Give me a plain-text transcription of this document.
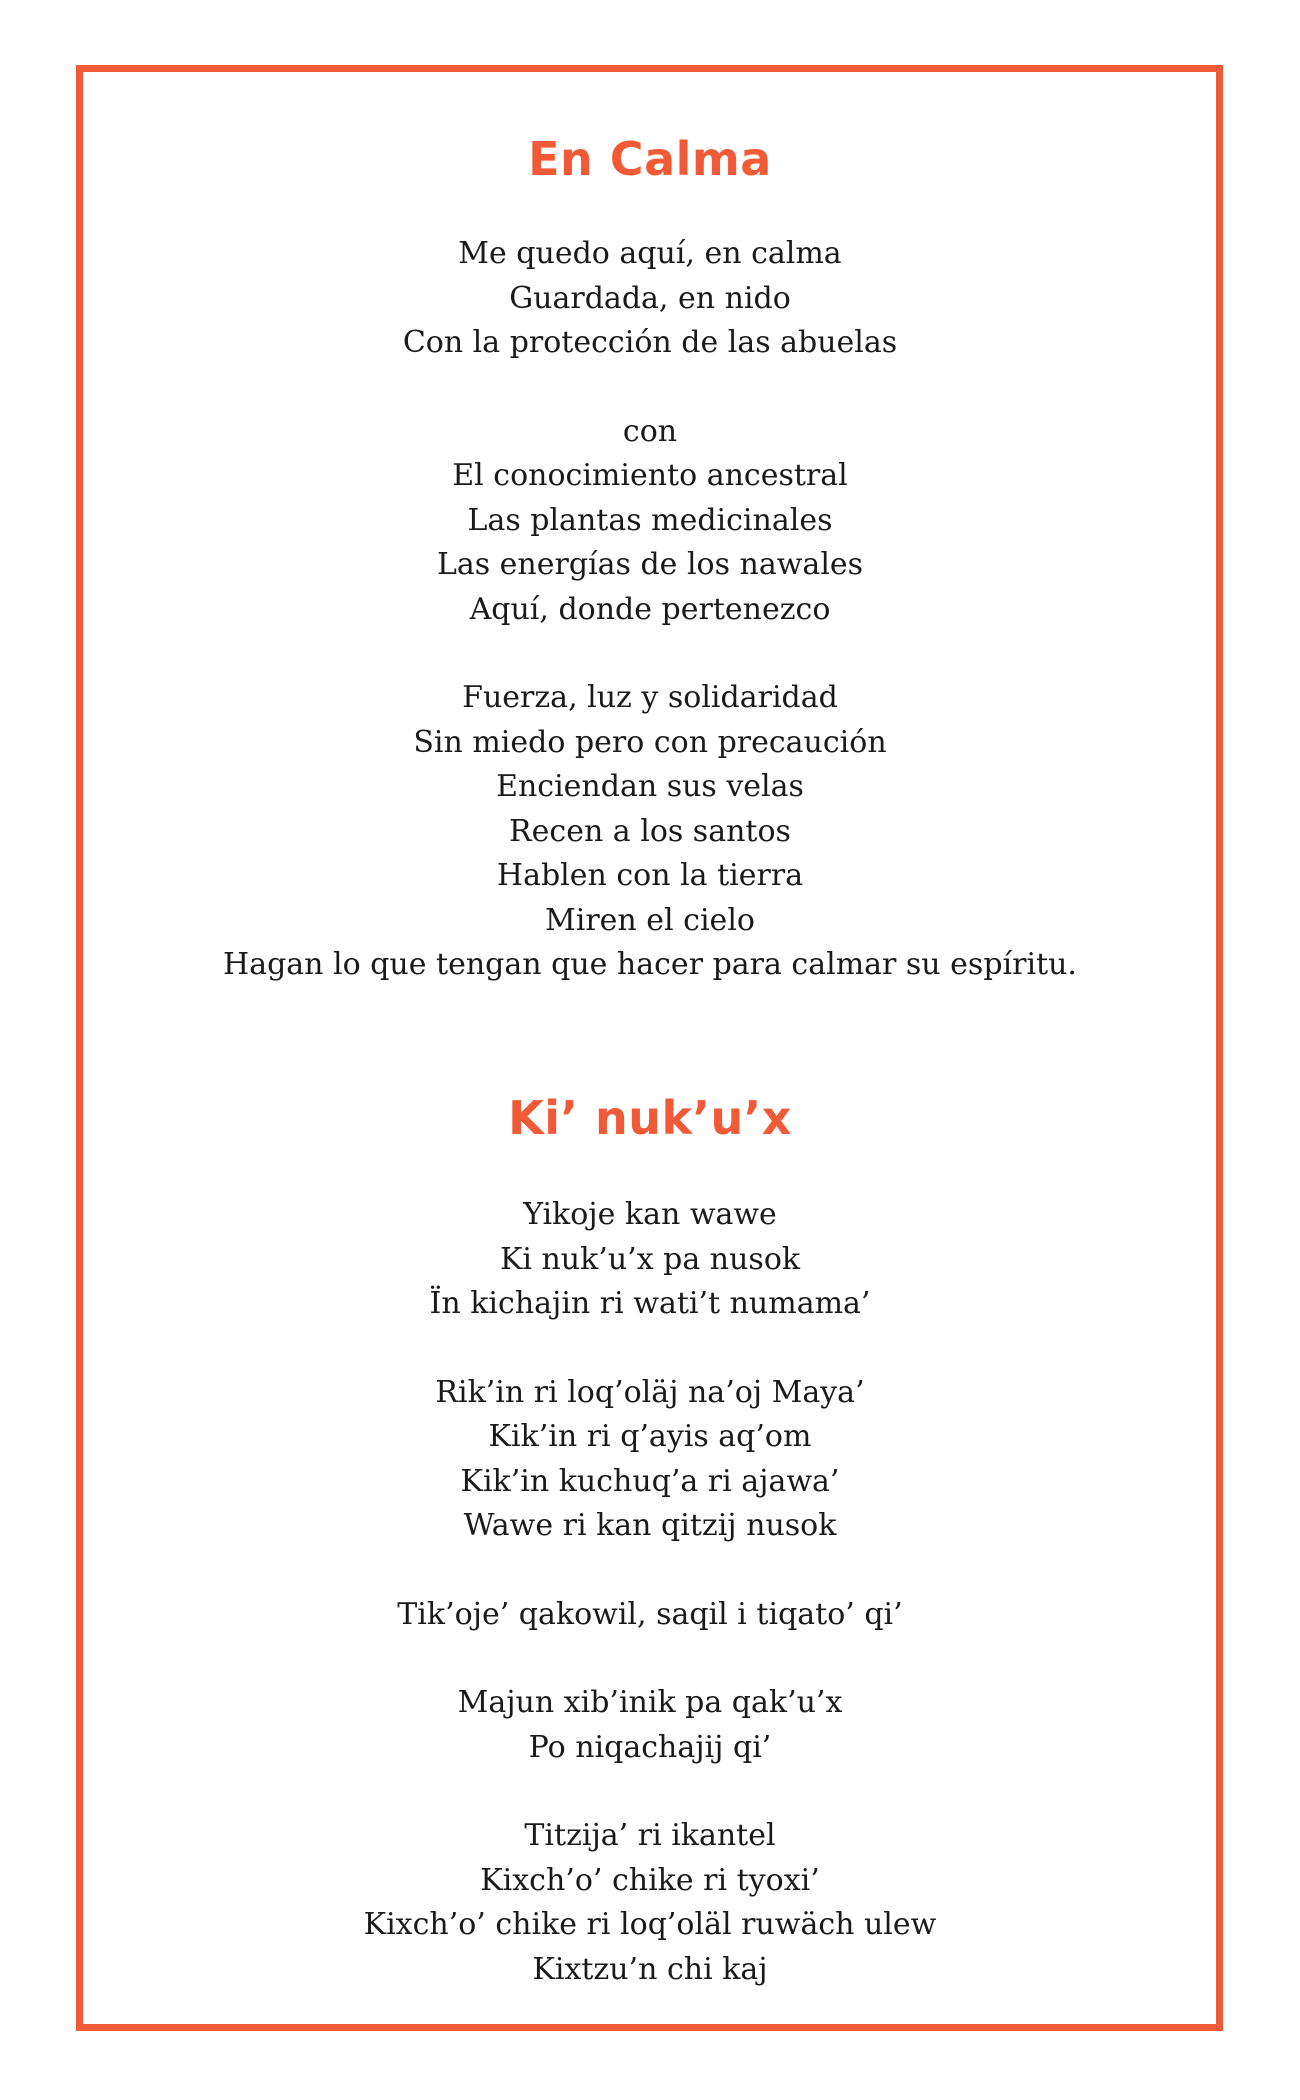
En Calma

Me quedo aquí, en calma
Guardada, en nido
Con la protección de las abuelas

con
El conocimiento ancestral
Las plantas medicinales
Las energías de los nawales
Aquí, donde pertenezco

Fuerza, luz y solidaridad
Sin miedo pero con precaución
Enciendan sus velas
Recen a los santos
Hablen con la tierra
Miren el cielo
Hagan lo que tengan que hacer para calmar su espíritu.

Ki’ nuk’u’x

Yikoje kan wawe
Ki nuk’u’x pa nusok
Ïn kichajin ri wati’t numama’

Rik’in ri loq’oläj na’oj Maya’
Kik’in ri q’ayis aq’om
Kik’in kuchuq’a ri ajawa’
Wawe ri kan qitzij nusok

Tik’oje’ qakowil, saqil i tiqato’ qi’

Majun xib’inik pa qak’u’x
Po niqachajij qi’

Titzija’ ri ikantel
Kixch’o’ chike ri tyoxi’
Kixch’o’ chike ri loq’oläl ruwäch ulew
Kixtzu’n chi kaj
